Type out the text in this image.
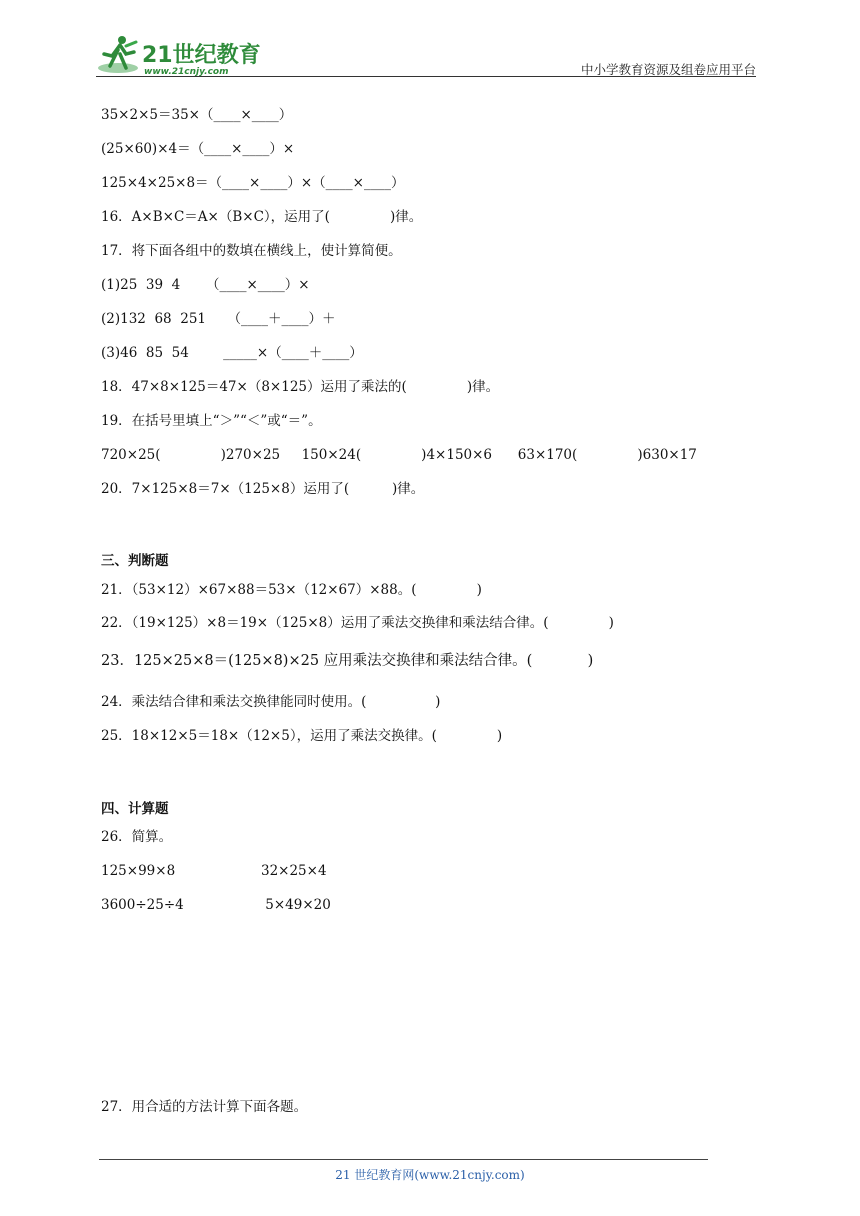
21世纪教育
www.21cnjy.com	中小学教育资源及组卷应用平台
35×2×5＝35×（____×____）
(25×60)×4＝（____×____）×
125×4×25×8＝（____×____）×（____×____）
16．A×B×C＝A×（B×C），运用了(              )律。
17．将下面各组中的数填在横线上，使计算简便。
(1)25  39  4      （____×____）×
(2)132  68  251     （____＋____）＋
(3)46  85  54        _____×（____＋____）
18．47×8×125＝47×（8×125）运用了乘法的(              )律。
19．在括号里填上“＞”“＜”或“＝”。
720×25(              )270×25     150×24(              )4×150×6      63×170(              )630×17
20．7×125×8＝7×（125×8）运用了(          )律。
三、判断题
21．（53×12）×67×88＝53×（12×67）×88。(              )
22．（19×125）×8＝19×（125×8）运用了乘法交换律和乘法结合律。(              )
23．125×25×8＝(125×8)×25 应用乘法交换律和乘法结合律。(            )
24．乘法结合律和乘法交换律能同时使用。(                )
25．18×12×5＝18×（12×5），运用了乘法交换律。(              )
四、计算题
26．简算。
125×99×8                    32×25×4
3600÷25÷4                   5×49×20
27．用合适的方法计算下面各题。
21 世纪教育网(www.21cnjy.com)
